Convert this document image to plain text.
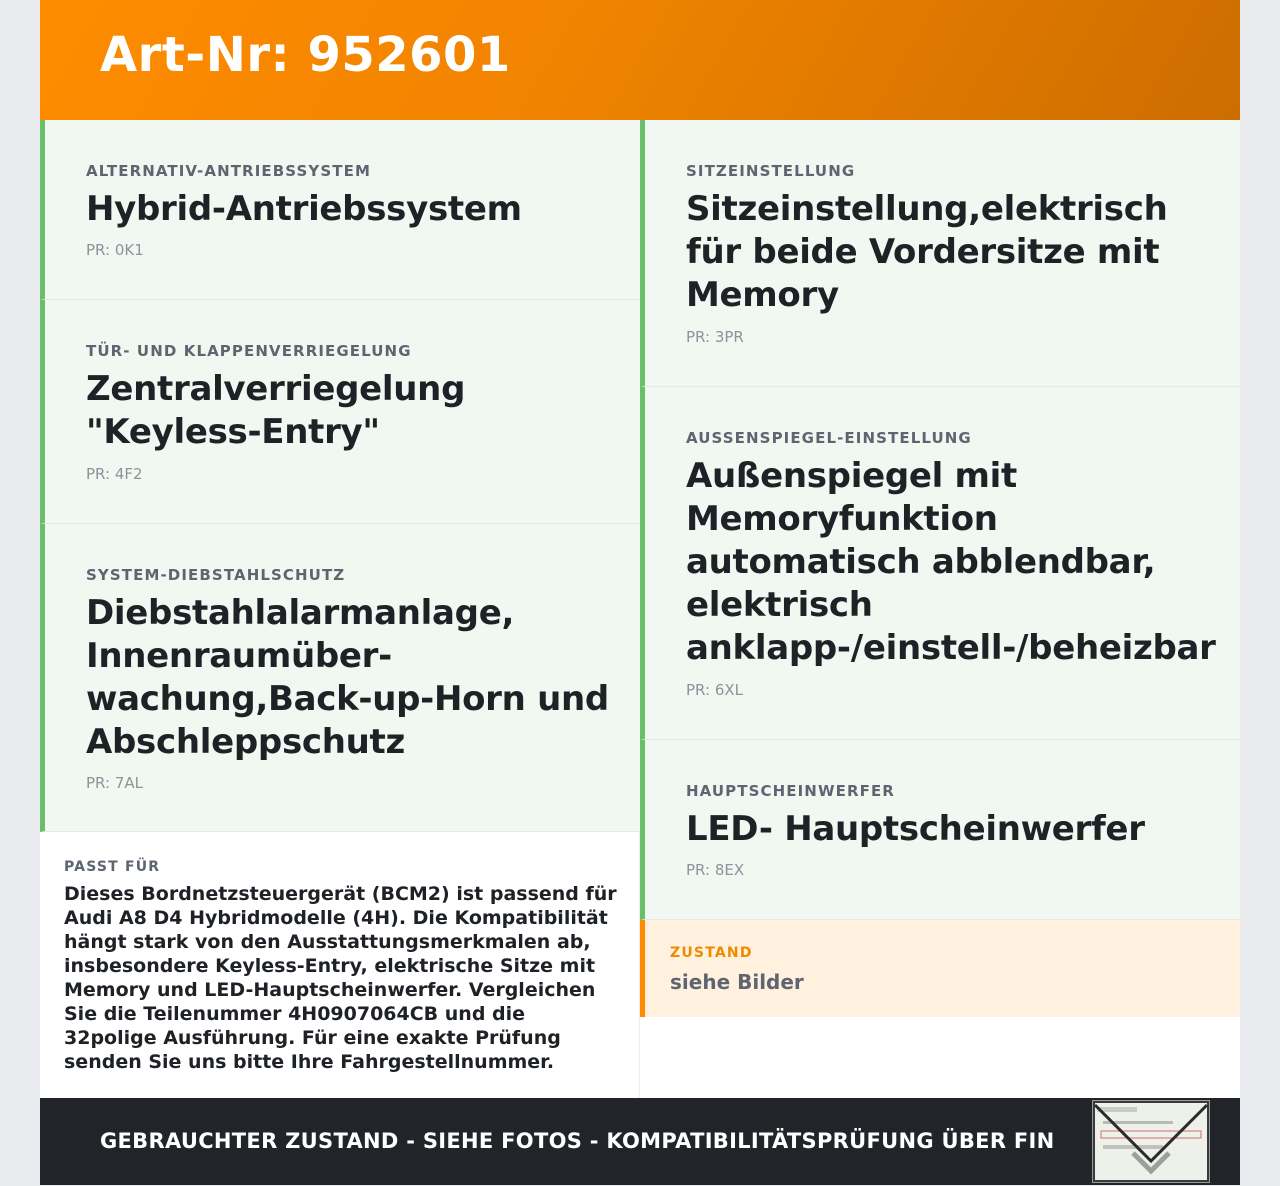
Art-Nr: 952601
ALTERNATIV-ANTRIEBSSYSTEM
Hybrid-Antriebssystem
PR: 0K1
TÜR- UND KLAPPENVERRIEGELUNG
Zentralverriegelung "Keyless-Entry"
PR: 4F2
SYSTEM-DIEBSTAHLSCHUTZ
Diebstahlalarmanlage, Innenraumüber-wachung,Back-up-Horn und Abschleppschutz
PR: 7AL
PASST FÜR
Dieses Bordnetzsteuergerät (BCM2) ist passend für Audi A8 D4 Hybridmodelle (4H). Die Kompatibilität hängt stark von den Ausstattungsmerkmalen ab, insbesondere Keyless-Entry, elektrische Sitze mit Memory und LED-Hauptscheinwerfer. Vergleichen Sie die Teilenummer 4H0907064CB und die 32polige Ausführung. Für eine exakte Prüfung senden Sie uns bitte Ihre Fahrgestellnummer.
SITZEINSTELLUNG
Sitzeinstellung,elektrisch für beide Vordersitze mit Memory
PR: 3PR
AUSSENSPIEGEL-EINSTELLUNG
Außenspiegel mit Memoryfunktion automatisch abblendbar, elektrisch anklapp-/einstell-/beheizbar
PR: 6XL
HAUPTSCHEINWERFER
LED- Hauptscheinwerfer
PR: 8EX
ZUSTAND
siehe Bilder
GEBRAUCHTER ZUSTAND - SIEHE FOTOS - KOMPATIBILITÄTSPRÜFUNG ÜBER FIN
